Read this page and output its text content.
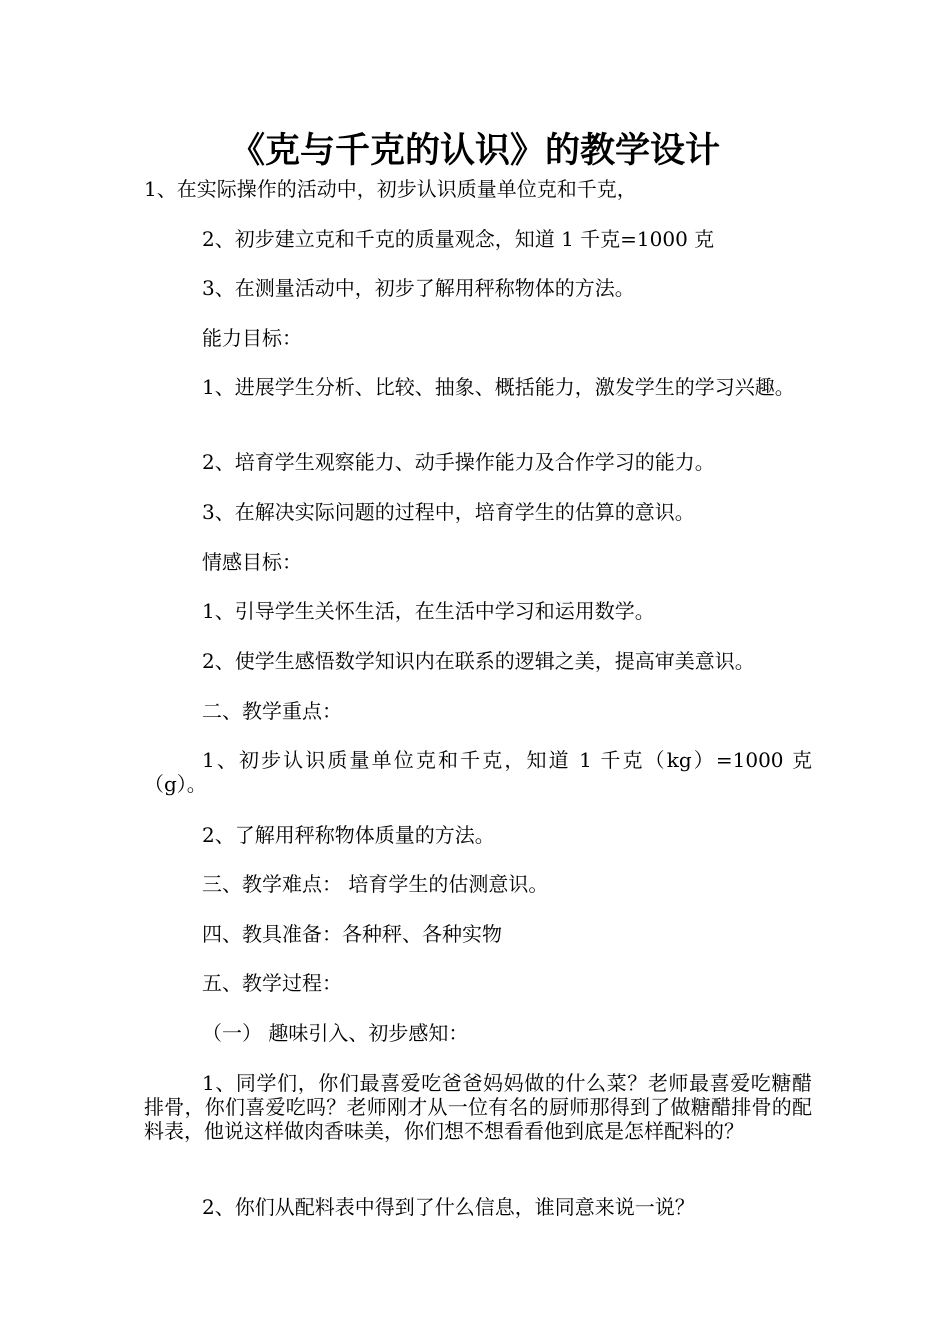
《克与千克的认识》的教学设计
1、在实际操作的活动中，初步认识质量单位克和千克，
2、初步建立克和千克的质量观念，知道 1 千克=1000 克
3、在测量活动中，初步了解用秤称物体的方法。
能力目标：
1、进展学生分析、比较、抽象、概括能力，激发学生的学习兴趣。
2、培育学生观察能力、动手操作能力及合作学习的能力。
3、在解决实际问题的过程中，培育学生的估算的意识。
情感目标：
1、引导学生关怀生活，在生活中学习和运用数学。
2、使学生感悟数学知识内在联系的逻辑之美，提高审美意识。
二、教学重点：
1、初步认识质量单位克和千克，知道 1 千克（kg）=1000 克（g）。
2、了解用秤称物体质量的方法。
三、教学难点： 培育学生的估测意识。
四、教具准备：各种秤、各种实物
五、教学过程：
（一） 趣味引入、初步感知：
1、同学们，你们最喜爱吃爸爸妈妈做的什么菜？老师最喜爱吃糖醋排骨，你们喜爱吃吗？老师刚才从一位有名的厨师那得到了做糖醋排骨的配料表，他说这样做肉香味美，你们想不想看看他到底是怎样配料的？
2、你们从配料表中得到了什么信息，谁同意来说一说？
